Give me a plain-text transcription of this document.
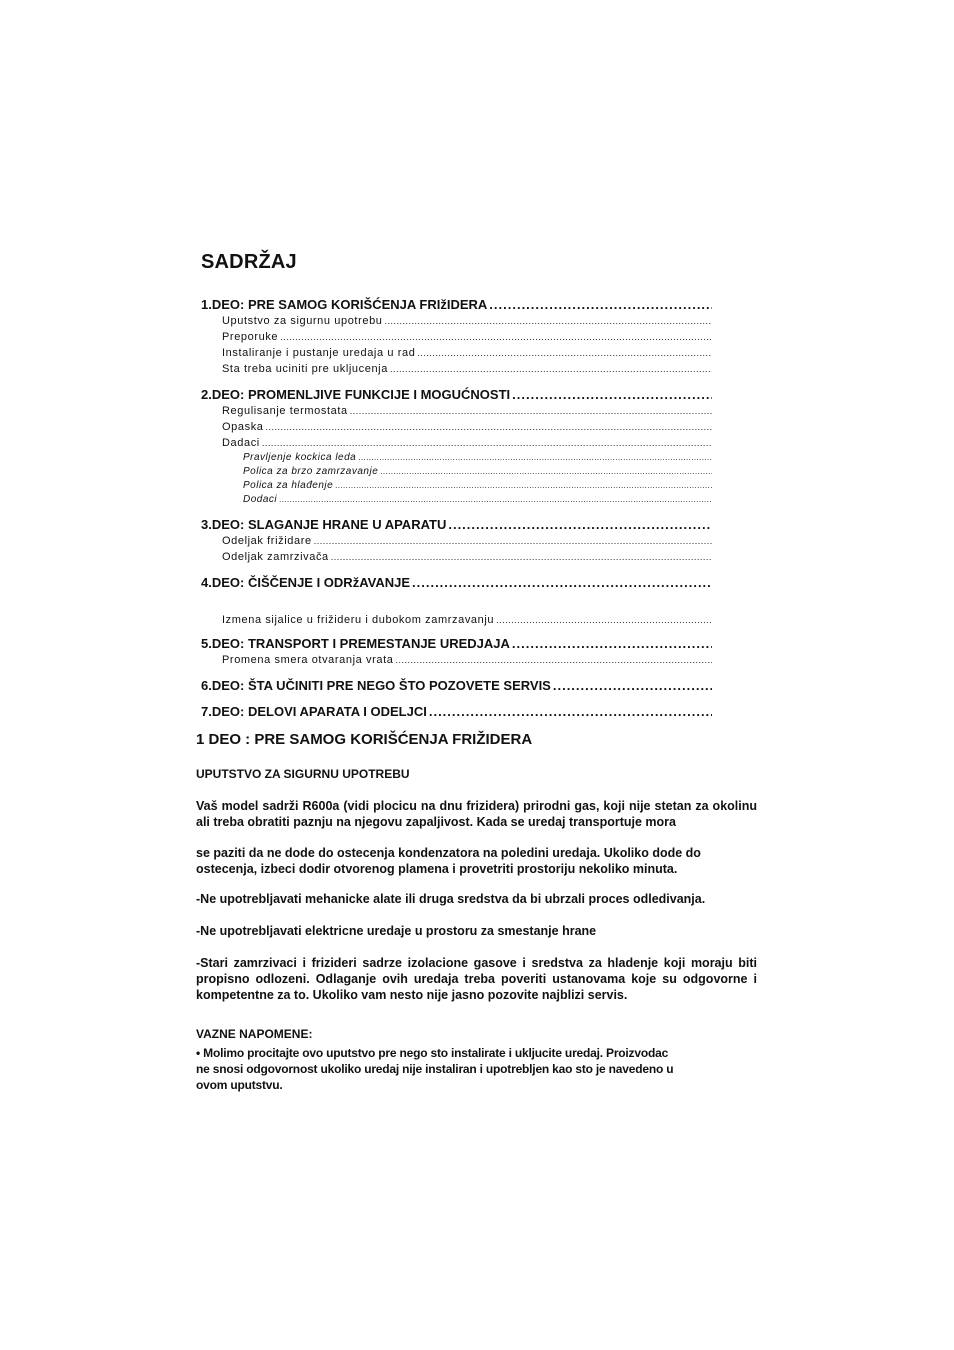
SADRŽAJ
1.DEO: PRE SAMOG KORIŠĆENJA FRIžIDERA
.....
Uputstvo za sigurnu upotrebu
.....
Preporuke
.....
Instaliranje i pustanje uredaja u rad
.....
Sta treba uciniti pre ukljucenja
.....
2.DEO: PROMENLJIVE FUNKCIJE I MOGUĆNOSTI
.....
Regulisanje termostata
.....
Opaska
.....
Dadaci
.....
Pravljenje kockica leda
.....
Polica za brzo zamrzavanje
.....
Polica za hlađenje
.....
Dodaci
.....
3.DEO: SLAGANJE HRANE U APARATU
.....
Odeljak frižidare
.....
Odeljak zamrzivača
.....
4.DEO: ČIŠČENJE I ODRžAVANJE
.....
Izmena sijalice u frižideru i dubokom zamrzavanju
.....
5.DEO: TRANSPORT I PREMESTANJE UREDJAJA
.....
Promena smera otvaranja vrata
.....
6.DEO: ŠTA UČINITI PRE NEGO ŠTO POZOVETE SERVIS
.....
7.DEO: DELOVI APARATA I ODELJCI
.....
1 DEO : PRE SAMOG KORIŠĆENJA FRIŽIDERA
UPUTSTVO ZA SIGURNU UPOTREBU

Vaš model sadrži R600a (vidi plocicu na dnu frizidera) prirodni gas, koji nije stetan za okolinu ali treba obratiti paznju na njegovu zapaljivost. Kada se uredaj transportuje mora

se paziti da ne dode do ostecenja kondenzatora na poledini uredaja. Ukoliko dode do ostecenja, izbeci dodir otvorenog plamena i provetriti prostoriju nekoliko minuta.

-Ne upotrebljavati mehanicke alate ili druga sredstva da bi ubrzali proces odledivanja.

-Ne upotrebljavati elektricne uredaje u prostoru za smestanje hrane

-Stari zamrzivaci i frizideri sadrze izolacione gasove i sredstva za hladenje koji moraju biti propisno odlozeni. Odlaganje ovih uredaja treba poveriti ustanovama koje su odgovorne i kompetentne za to. Ukoliko vam nesto nije jasno pozovite najblizi servis.

VAZNE NAPOMENE:
• Molimo procitajte ovo uputstvo pre nego sto instalirate i ukljucite uredaj. Proizvodac
ne snosi odgovornost ukoliko uredaj nije instaliran i upotrebljen kao sto je navedeno u
ovom uputstvu.
